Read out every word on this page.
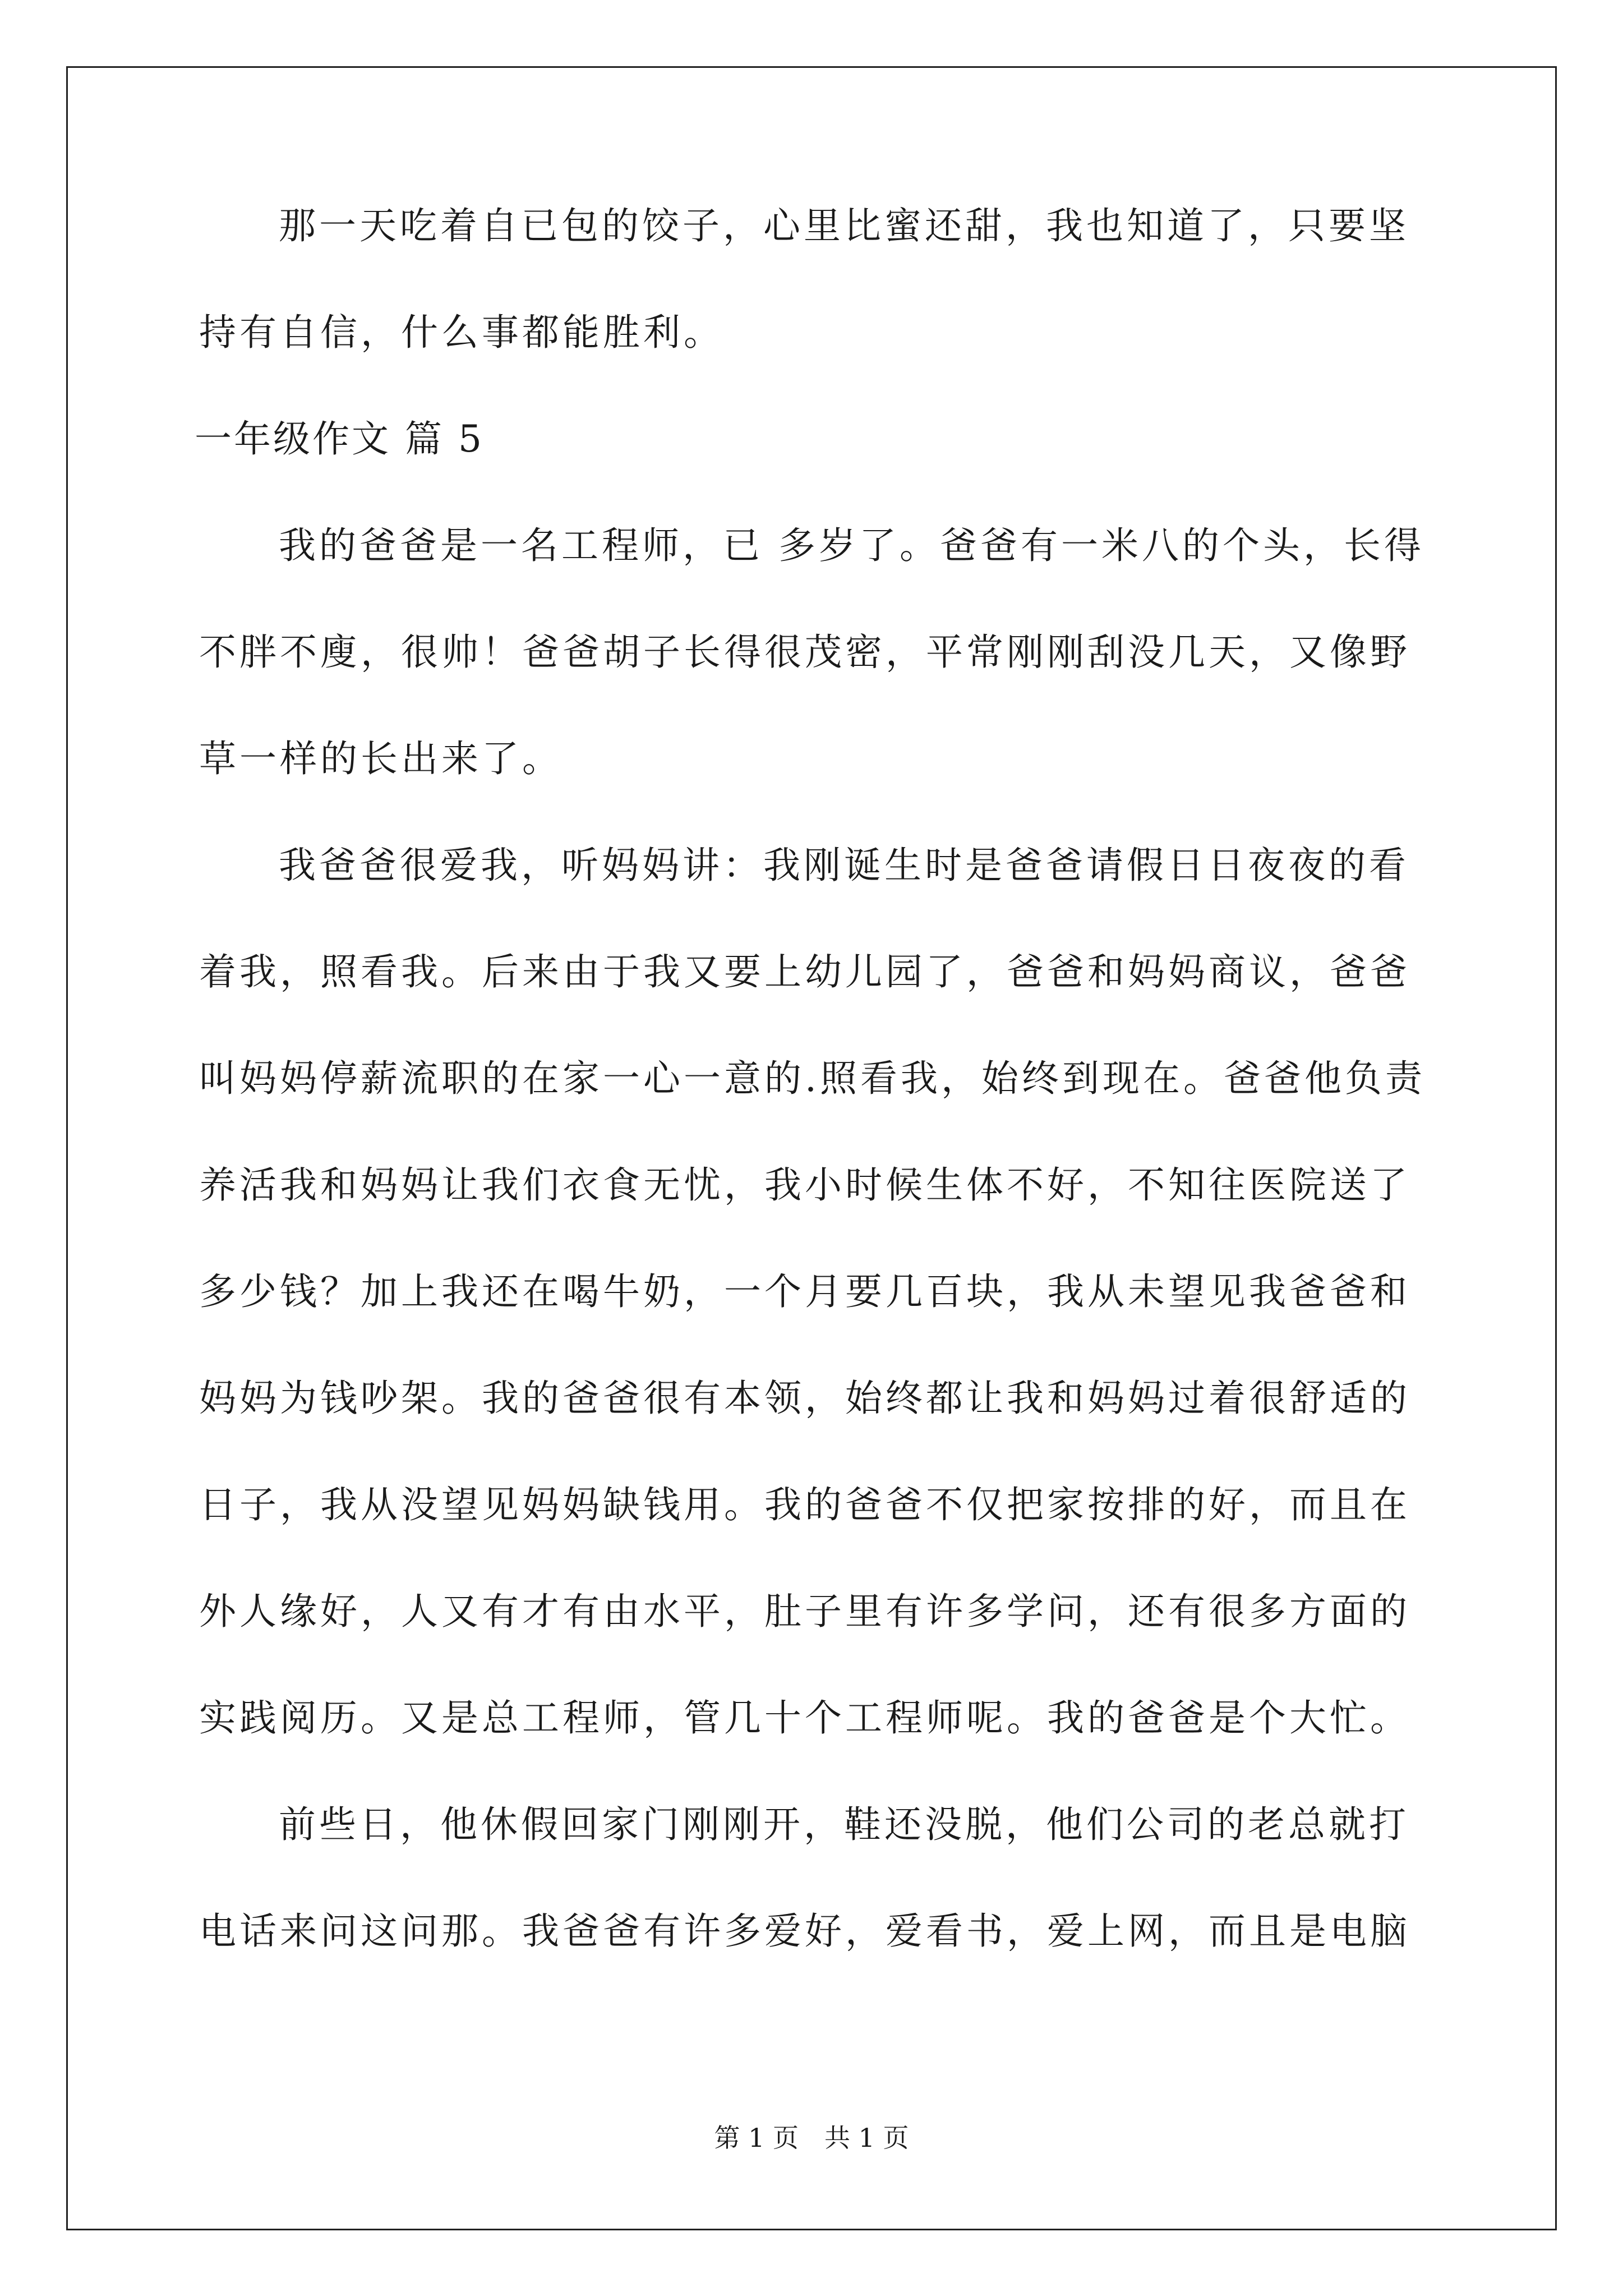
那一天吃着自已包的饺子，心里比蜜还甜，我也知道了，只要坚
持有自信，什么事都能胜利。
一年级作文 篇 5
我的爸爸是一名工程师，已 多岁了。爸爸有一米八的个头，长得
不胖不廋，很帅！爸爸胡子长得很茂密，平常刚刚刮没几天，又像野
草一样的长出来了。
我爸爸很爱我，听妈妈讲：我刚诞生时是爸爸请假日日夜夜的看
着我，照看我。后来由于我又要上幼儿园了，爸爸和妈妈商议，爸爸
叫妈妈停薪流职的在家一心一意的.照看我，始终到现在。爸爸他负责
养活我和妈妈让我们衣食无忧，我小时候生体不好，不知往医院送了
多少钱？加上我还在喝牛奶，一个月要几百块，我从未望见我爸爸和
妈妈为钱吵架。我的爸爸很有本领，始终都让我和妈妈过着很舒适的
日子，我从没望见妈妈缺钱用。我的爸爸不仅把家按排的好，而且在
外人缘好，人又有才有由水平，肚子里有许多学问，还有很多方面的
实践阅历。又是总工程师，管几十个工程师呢。我的爸爸是个大忙。
前些日，他休假回家门刚刚开，鞋还没脱，他们公司的老总就打
电话来问这问那。我爸爸有许多爱好，爱看书，爱上网，而且是电脑
第 1 页　共 1 页
